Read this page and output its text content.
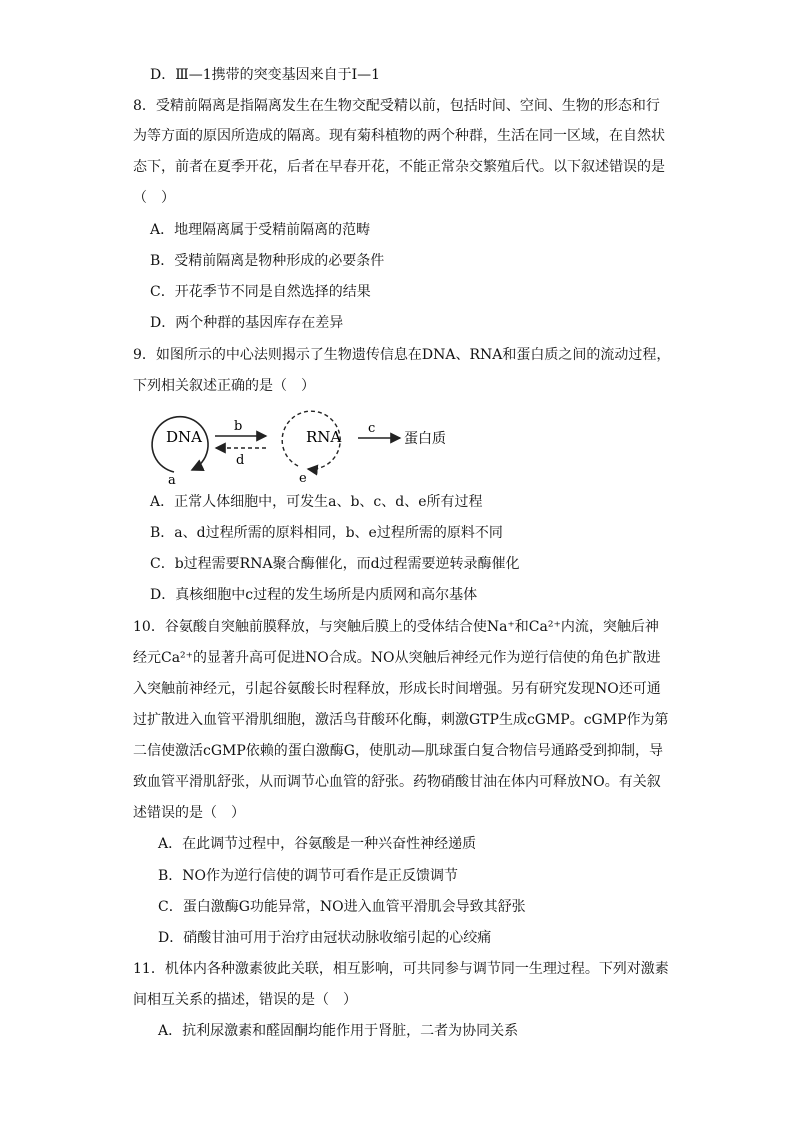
D．Ⅲ—1携带的突变基因来自于Ⅰ—1
8．受精前隔离是指隔离发生在生物交配受精以前，包括时间、空间、生物的形态和行
为等方面的原因所造成的隔离。现有菊科植物的两个种群，生活在同一区域，在自然状
态下，前者在夏季开花，后者在早春开花，不能正常杂交繁殖后代。以下叙述错误的是
（　）
A．地理隔离属于受精前隔离的范畴
B．受精前隔离是物种形成的必要条件
C．开花季节不同是自然选择的结果
D．两个种群的基因库存在差异
9．如图所示的中心法则揭示了生物遗传信息在DNA、RNA和蛋白质之间的流动过程，
下列相关叙述正确的是（　）
DNA
a
b
d
RNA
e
c
蛋白质
A．正常人体细胞中，可发生a、b、c、d、e所有过程
B．a、d过程所需的原料相同，b、e过程所需的原料不同
C．b过程需要RNA聚合酶催化，而d过程需要逆转录酶催化
D．真核细胞中c过程的发生场所是内质网和高尔基体
10．谷氨酸自突触前膜释放，与突触后膜上的受体结合使Na⁺和Ca²⁺内流，突触后神
经元Ca²⁺的显著升高可促进NO合成。NO从突触后神经元作为逆行信使的角色扩散进
入突触前神经元，引起谷氨酸长时程释放，形成长时间增强。另有研究发现NO还可通
过扩散进入血管平滑肌细胞，激活鸟苷酸环化酶，刺激GTP生成cGMP。cGMP作为第
二信使激活cGMP依赖的蛋白激酶G，使肌动—肌球蛋白复合物信号通路受到抑制，导
致血管平滑肌舒张，从而调节心血管的舒张。药物硝酸甘油在体内可释放NO。有关叙
述错误的是（　）
A．在此调节过程中，谷氨酸是一种兴奋性神经递质
B．NO作为逆行信使的调节可看作是正反馈调节
C．蛋白激酶G功能异常，NO进入血管平滑肌会导致其舒张
D．硝酸甘油可用于治疗由冠状动脉收缩引起的心绞痛
11．机体内各种激素彼此关联，相互影响，可共同参与调节同一生理过程。下列对激素
间相互关系的描述，错误的是（　）
A．抗利尿激素和醛固酮均能作用于肾脏，二者为协同关系
